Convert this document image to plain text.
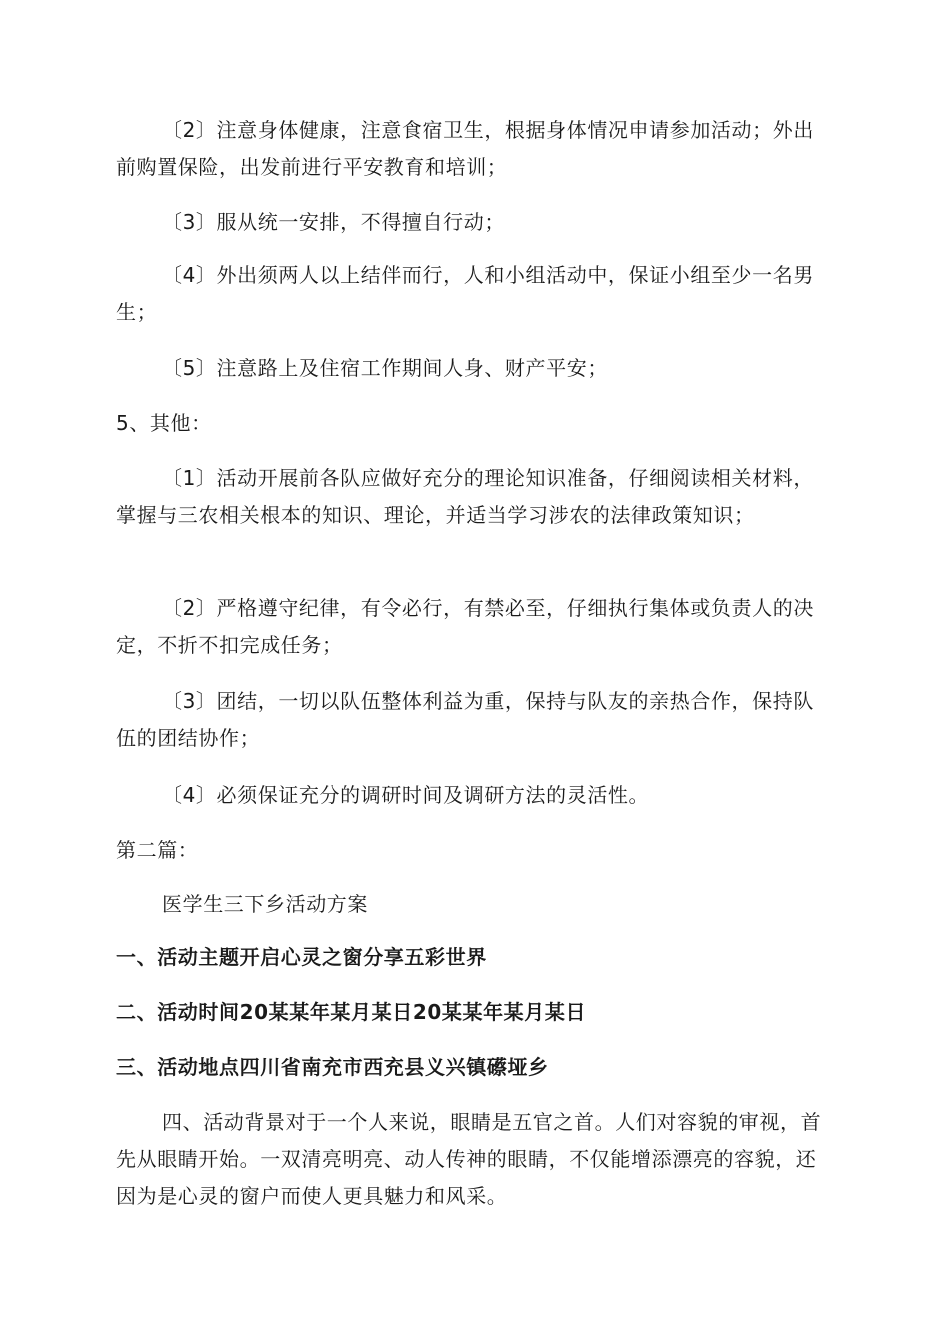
〔2〕注意身体健康，注意食宿卫生，根据身体情况申请参加活动；外出前购置保险，出发前进行平安教育和培训；

〔3〕服从统一安排，不得擅自行动；

〔4〕外出须两人以上结伴而行，人和小组活动中，保证小组至少一名男生；

〔5〕注意路上及住宿工作期间人身、财产平安；

5、其他：

〔1〕活动开展前各队应做好充分的理论知识准备，仔细阅读相关材料，掌握与三农相关根本的知识、理论，并适当学习涉农的法律政策知识；

〔2〕严格遵守纪律，有令必行，有禁必至，仔细执行集体或负责人的决定，不折不扣完成任务；

〔3〕团结，一切以队伍整体利益为重，保持与队友的亲热合作，保持队伍的团结协作；

〔4〕必须保证充分的调研时间及调研方法的灵活性。

第二篇：

医学生三下乡活动方案

一、活动主题开启心灵之窗分享五彩世界

二、活动时间20某某年某月某日20某某年某月某日

三、活动地点四川省南充市西充县义兴镇礤垭乡

四、活动背景对于一个人来说，眼睛是五官之首。人们对容貌的审视，首先从眼睛开始。一双清亮明亮、动人传神的眼睛，不仅能增添漂亮的容貌，还因为是心灵的窗户而使人更具魅力和风采。
